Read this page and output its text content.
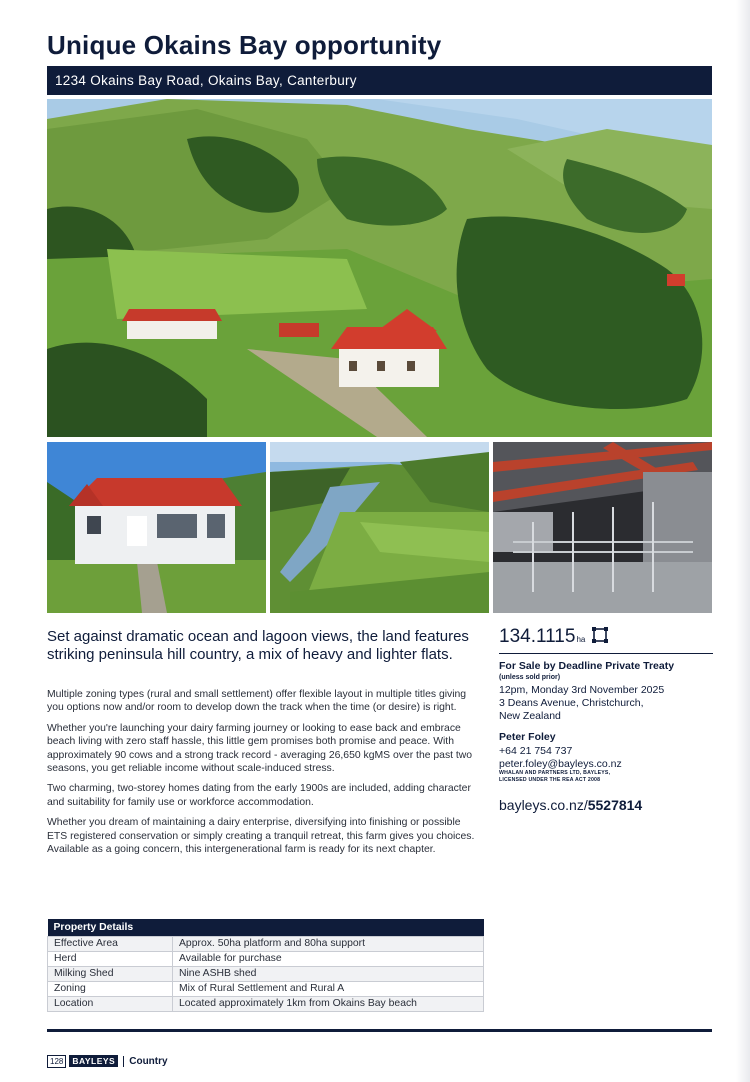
Unique Okains Bay opportunity
1234 Okains Bay Road, Okains Bay, Canterbury
Set against dramatic ocean and lagoon views, the land features striking peninsula hill country, a mix of heavy and lighter flats.

Multiple zoning types (rural and small settlement) offer flexible layout in multiple titles giving you options now and/or room to develop down the track when the time (or desire) is right.

Whether you're launching your dairy farming journey or looking to ease back and embrace beach living with zero staff hassle, this little gem promises both promise and peace. With approximately 90 cows and a strong track record - averaging 26,650 kgMS over the past two seasons, you get reliable income without scale-induced stress.

Two charming, two-storey homes dating from the early 1900s are included, adding character and suitability for family use or workforce accommodation.

Whether you dream of maintaining a dairy enterprise, diversifying into finishing or possible ETS registered conservation or simply creating a tranquil retreat, this farm gives you choices. Available as a going concern, this intergenerational farm is ready for its next chapter.

134.1115 ha
For Sale by Deadline Private Treaty
(unless sold prior)
12pm, Monday 3rd November 2025
3 Deans Avenue, Christchurch,
New Zealand
Peter Foley
+64 21 754 737
peter.foley@bayleys.co.nz
WHALAN AND PARTNERS LTD, BAYLEYS,
LICENSED UNDER THE REA ACT 2008
bayleys.co.nz/5527814
Property Details	
Effective Area	Approx. 50ha platform and 80ha support
Herd	Available for purchase
Milking Shed	Nine ASHB shed
Zoning	Mix of Rural Settlement and Rural A
Location	Located approximately 1km from Okains Bay beach
128	BAYLEYS	Country
